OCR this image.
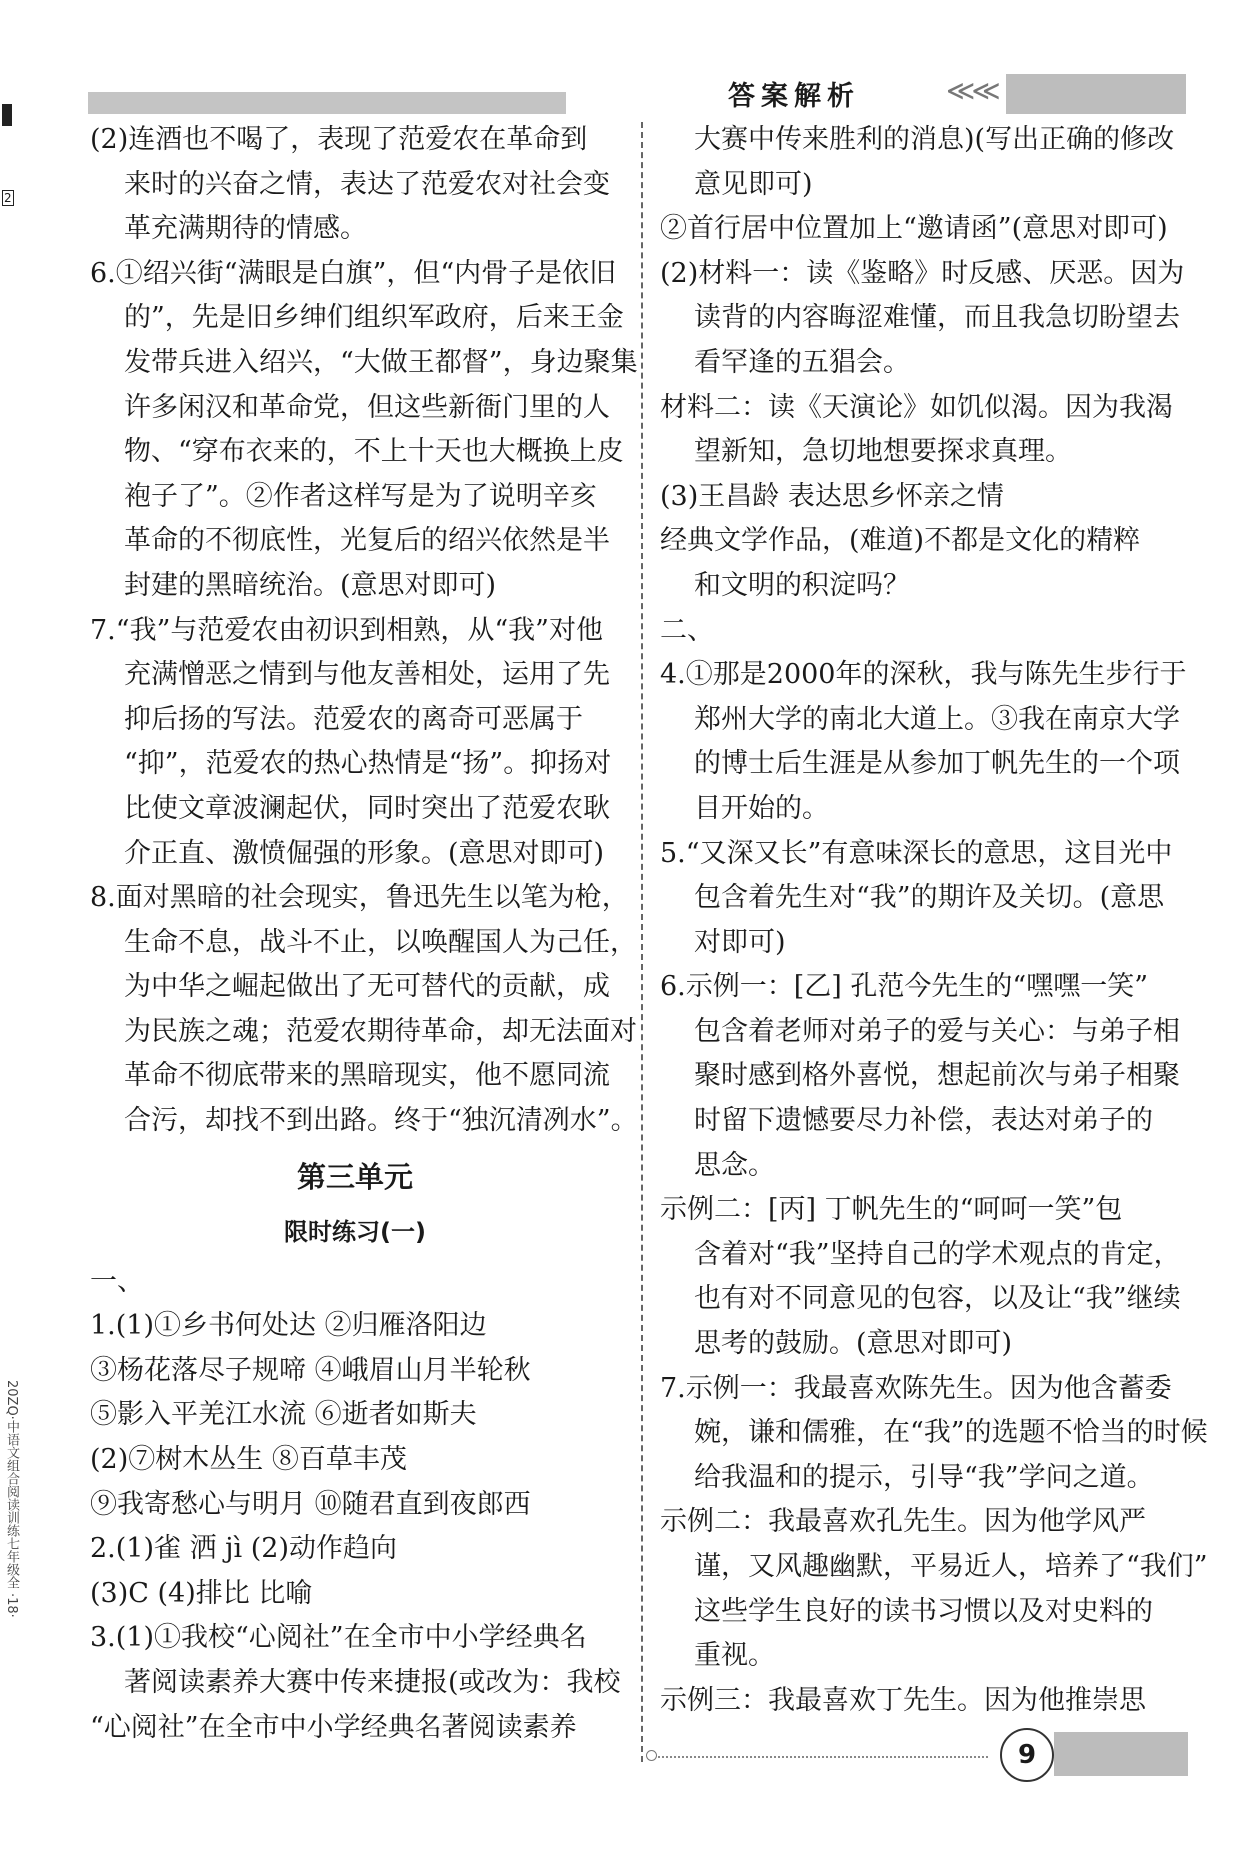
答案解析	≪≪
2
20ZQ·中语文组合阅读训练七年级全 ·18·
(2)连酒也不喝了，表现了范爱农在革命到
来时的兴奋之情，表达了范爱农对社会变
革充满期待的情感。
6.①绍兴街“满眼是白旗”，但“内骨子是依旧
的”，先是旧乡绅们组织军政府，后来王金
发带兵进入绍兴，“大做王都督”，身边聚集
许多闲汉和革命党，但这些新衙门里的人
物、“穿布衣来的，不上十天也大概换上皮
袍子了”。②作者这样写是为了说明辛亥
革命的不彻底性，光复后的绍兴依然是半
封建的黑暗统治。(意思对即可)
7.“我”与范爱农由初识到相熟，从“我”对他
充满憎恶之情到与他友善相处，运用了先
抑后扬的写法。范爱农的离奇可恶属于
“抑”，范爱农的热心热情是“扬”。抑扬对
比使文章波澜起伏，同时突出了范爱农耿
介正直、激愤倔强的形象。(意思对即可)
8.面对黑暗的社会现实，鲁迅先生以笔为枪，
生命不息，战斗不止，以唤醒国人为己任，
为中华之崛起做出了无可替代的贡献，成
为民族之魂；范爱农期待革命，却无法面对
革命不彻底带来的黑暗现实，他不愿同流
合污，却找不到出路。终于“独沉清冽水”。
第三单元
限时练习(一)
一、
1.(1)①乡书何处达 ②归雁洛阳边
③杨花落尽子规啼 ④峨眉山月半轮秋
⑤影入平羌江水流 ⑥逝者如斯夫
(2)⑦树木丛生 ⑧百草丰茂
⑨我寄愁心与明月 ⑩随君直到夜郎西
2.(1)雀 洒 jì (2)动作趋向
(3)C (4)排比 比喻
3.(1)①我校“心阅社”在全市中小学经典名
著阅读素养大赛中传来捷报(或改为：我校
“心阅社”在全市中小学经典名著阅读素养
大赛中传来胜利的消息)(写出正确的修改
意见即可)
②首行居中位置加上“邀请函”(意思对即可)
(2)材料一：读《鉴略》时反感、厌恶。因为
读背的内容晦涩难懂，而且我急切盼望去
看罕逢的五猖会。
材料二：读《天演论》如饥似渴。因为我渴
望新知，急切地想要探求真理。
(3)王昌龄 表达思乡怀亲之情
经典文学作品，(难道)不都是文化的精粹
和文明的积淀吗？
二、
4.①那是2000年的深秋，我与陈先生步行于
郑州大学的南北大道上。③我在南京大学
的博士后生涯是从参加丁帆先生的一个项
目开始的。
5.“又深又长”有意味深长的意思，这目光中
包含着先生对“我”的期许及关切。(意思
对即可)
6.示例一：[乙] 孔范今先生的“嘿嘿一笑”
包含着老师对弟子的爱与关心：与弟子相
聚时感到格外喜悦，想起前次与弟子相聚
时留下遗憾要尽力补偿，表达对弟子的
思念。
示例二：[丙] 丁帆先生的“呵呵一笑”包
含着对“我”坚持自己的学术观点的肯定，
也有对不同意见的包容，以及让“我”继续
思考的鼓励。(意思对即可)
7.示例一：我最喜欢陈先生。因为他含蓄委
婉，谦和儒雅，在“我”的选题不恰当的时候
给我温和的提示，引导“我”学问之道。
示例二：我最喜欢孔先生。因为他学风严
谨，又风趣幽默，平易近人，培养了“我们”
这些学生良好的读书习惯以及对史料的
重视。
示例三：我最喜欢丁先生。因为他推崇思
9
